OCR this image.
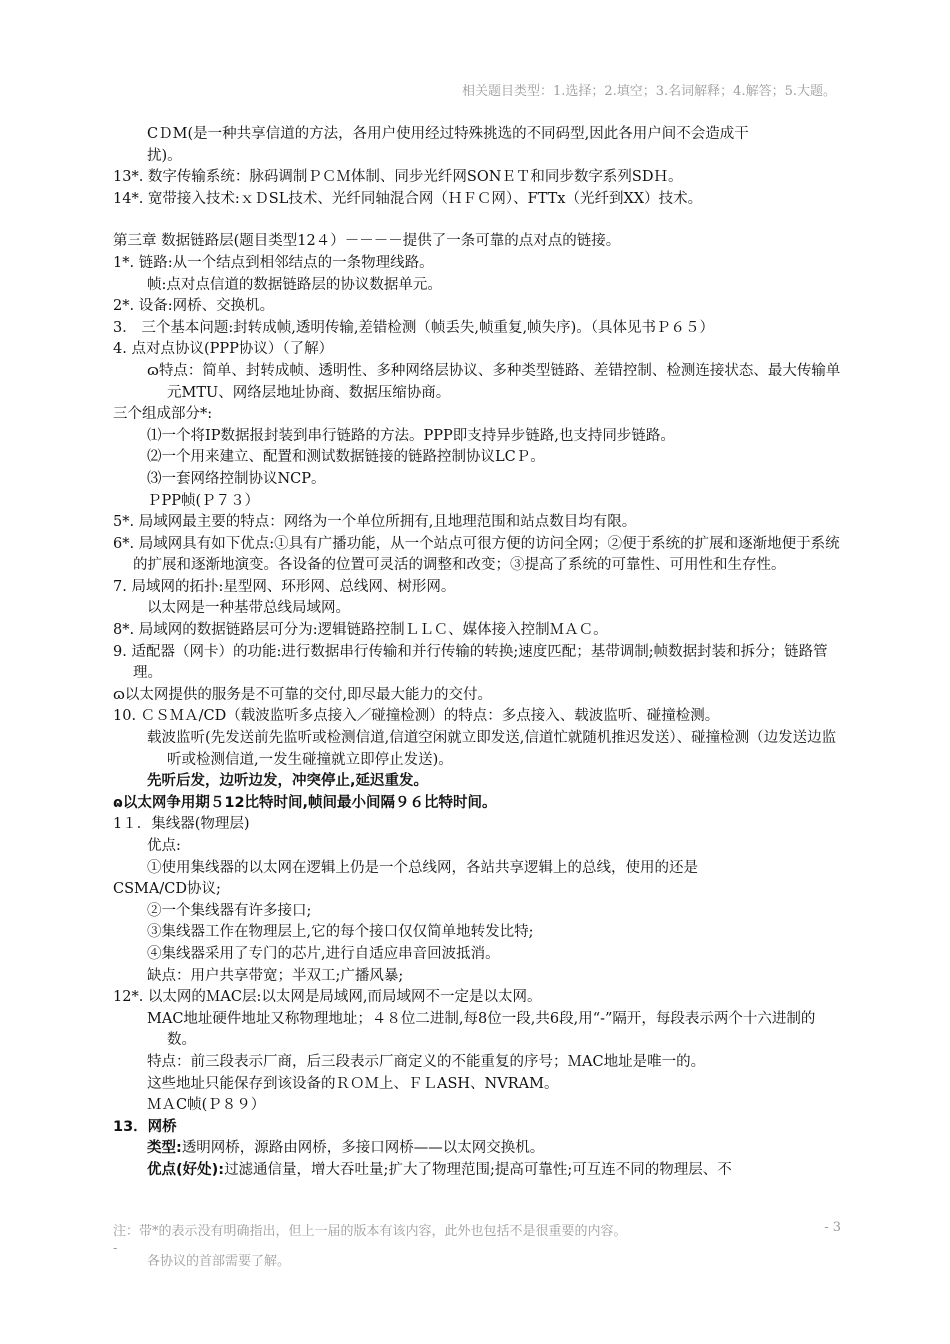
相关题目类型：1.选择；2.填空；3.名词解释；4.解答；5.大题。
CＤM(是一种共享信道的方法，各用户使用经过特殊挑选的不同码型,因此各用户间不会造成干
扰)。
13*. 数字传输系统：脉码调制ＰＣＭ体制、同步光纤网SONＥＴ和同步数字系列SDＨ。
14*. 宽带接入技术:ｘＤSL技术、光纤同轴混合网（ＨＦＣ网）、FTTx（光纤到XX）技术。
第三章 数据链路层(题目类型12４）－－－－提供了一条可靠的点对点的链接。
1*. 链路:从一个结点到相邻结点的一条物理线路。
帧:点对点信道的数据链路层的协议数据单元。
2*. 设备:网桥、交换机。
3． 三个基本问题:封转成帧,透明传输,差错检测（帧丢失,帧重复,帧失序)。（具体见书Ｐ６５）
4. 点对点协议(PPP协议）（了解）
ɷ特点：简单、封转成帧、透明性、多种网络层协议、多种类型链路、差错控制、检测连接状态、最大传输单元MTU、网络层地址协商、数据压缩协商。
三个组成部分*:
⑴一个将IP数据报封装到串行链路的方法。PPP即支持异步链路,也支持同步链路。
⑵一个用来建立、配置和测试数据链接的链路控制协议LCＰ。
⑶一套网络控制协议NCP。
ＰPP帧(Ｐ７３）
5*. 局域网最主要的特点：网络为一个单位所拥有,且地理范围和站点数目均有限。
6*. 局域网具有如下优点:①具有广播功能，从一个站点可很方便的访问全网；②便于系统的扩展和逐渐地便于系统的扩展和逐渐地演变。各设备的位置可灵活的调整和改变；③提高了系统的可靠性、可用性和生存性。
7. 局域网的拓扑:星型网、环形网、总线网、树形网。
以太网是一种基带总线局域网。
8*. 局域网的数据链路层可分为:逻辑链路控制ＬＬＣ、媒体接入控制ＭＡＣ。
9. 适配器（网卡）的功能:进行数据串行传输和并行传输的转换;速度匹配；基带调制;帧数据封装和拆分；链路管理。
ɷ以太网提供的服务是不可靠的交付,即尽最大能力的交付。
10. ＣＳＭＡ/CD（载波监听多点接入／碰撞检测）的特点：多点接入、载波监听、碰撞检测。
载波监听(先发送前先监听或检测信道,信道空闲就立即发送,信道忙就随机推迟发送）、碰撞检测（边发送边监听或检测信道,一发生碰撞就立即停止发送)。
先听后发，边听边发，冲突停止,延迟重发。
ɷ以太网争用期５12比特时间,帧间最小间隔９６比特时间。
1１．集线器(物理层)
优点:
①使用集线器的以太网在逻辑上仍是一个总线网，各站共享逻辑上的总线，使用的还是
CSMA/CD协议;
②一个集线器有许多接口;
③集线器工作在物理层上,它的每个接口仅仅简单地转发比特;
④集线器采用了专门的芯片,进行自适应串音回波抵消。
缺点：用户共享带宽；半双工;广播风暴;
12*. 以太网的ＭAC层:以太网是局域网,而局域网不一定是以太网。
MAC地址硬件地址又称物理地址；４８位二进制,每8位一段,共6段,用“-”隔开，每段表示两个十六进制的数。
特点：前三段表示厂商，后三段表示厂商定义的不能重复的序号；ＭAC地址是唯一的。
这些地址只能保存到该设备的ＲＯＭ上、ＦＬASH、NVRAM。
ＭＡC帧(Ｐ８９）
13．网桥
类型:透明网桥，源路由网桥，多接口网桥——以太网交换机。
优点(好处):过滤通信量，增大吞吐量;扩大了物理范围;提高可靠性;可互连不同的物理层、不
注：带*的表示没有明确指出，但上一届的版本有该内容，此外也包括不是很重要的内容。	- 3
-
各协议的首部需要了解。
